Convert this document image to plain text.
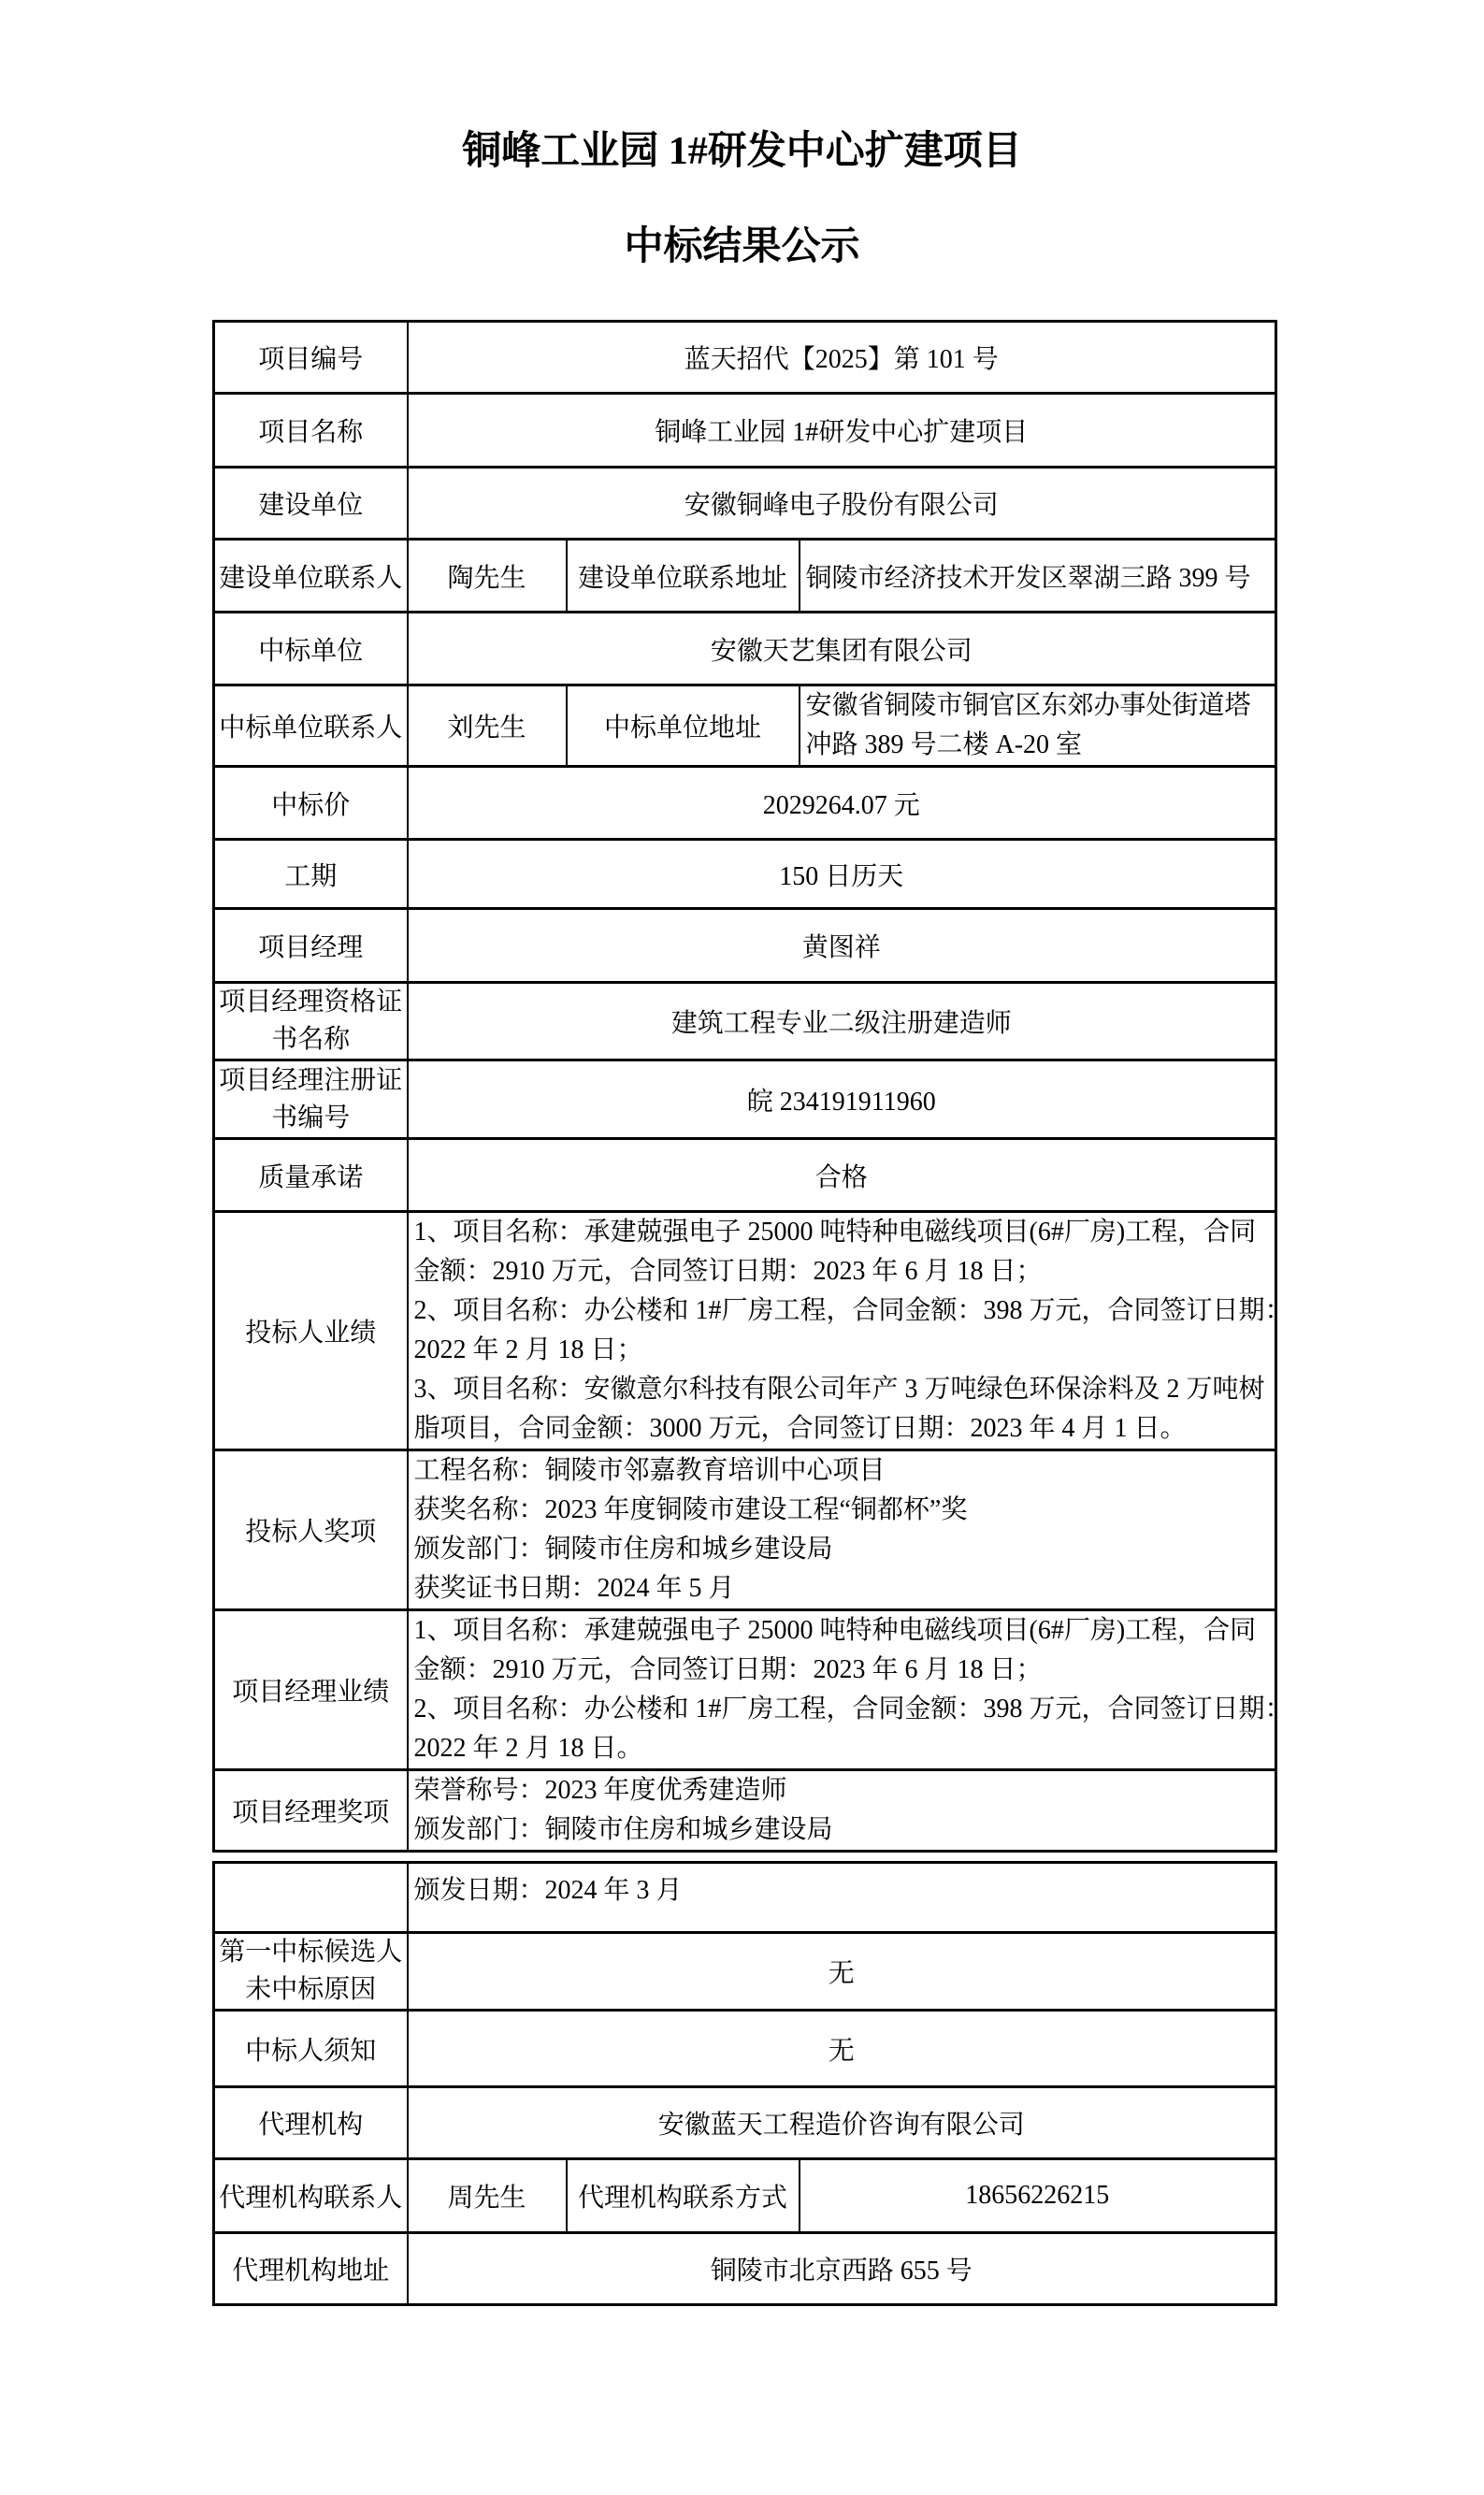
铜峰工业园 1#研发中心扩建项目
中标结果公示
项目编号	蓝天招代【2025】第 101 号		
项目名称	铜峰工业园 1#研发中心扩建项目		
建设单位	安徽铜峰电子股份有限公司		
建设单位联系人	陶先生	建设单位联系地址	铜陵市经济技术开发区翠湖三路 399 号
中标单位	安徽天艺集团有限公司		
中标单位联系人	刘先生	中标单位地址	安徽省铜陵市铜官区东郊办事处街道塔
冲路 389 号二楼 A-20 室

中标价	2029264.07 元		
工期	150 日历天		
项目经理	黄图祥		

项目经理资格证
书名称	建筑工程专业二级注册建造师		

项目经理注册证
书编号	皖 234191911960		
质量承诺	合格		
投标人业绩	
1、项目名称：承建兢强电子 25000 吨特种电磁线项目(6#厂房)工程，合同
金额：2910 万元，合同签订日期：2023 年 6 月 18 日；
2、项目名称：办公楼和 1#厂房工程，合同金额：398 万元，合同签订日期：
2022 年 2 月 18 日；
3、项目名称：安徽意尔科技有限公司年产 3 万吨绿色环保涂料及 2 万吨树
脂项目，合同金额：3000 万元，合同签订日期：2023 年 4 月 1 日。

投标人奖项	工程名称：铜陵市邻嘉教育培训中心项目
获奖名称：2023 年度铜陵市建设工程“铜都杯”奖
颁发部门：铜陵市住房和城乡建设局
获奖证书日期：2024 年 5 月		

项目经理业绩	1、项目名称：承建兢强电子 25000 吨特种电磁线项目(6#厂房)工程，合同
金额：2910 万元，合同签订日期：2023 年 6 月 18 日；
2、项目名称：办公楼和 1#厂房工程，合同金额：398 万元，合同签订日期：
2022 年 2 月 18 日。		

项目经理奖项	荣誉称号：2023 年度优秀建造师
颁发部门：铜陵市住房和城乡建设局		
	颁发日期：2024 年 3 月		

第一中标候选人
未中标原因	无		
中标人须知	无		
代理机构	安徽蓝天工程造价咨询有限公司		
代理机构联系人	周先生	代理机构联系方式	18656226215
代理机构地址	铜陵市北京西路 655 号		
